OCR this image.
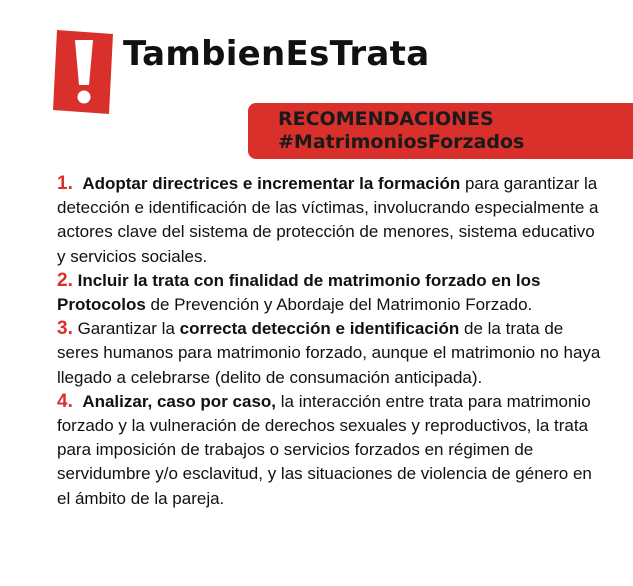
TambienEsTrata

RECOMENDACIONES

#MatrimoniosForzados

1. Adoptar directrices e incrementar la formación para garantizar la detección e identificación de las víctimas, involucrando especialmente a actores clave del sistema de protección de menores, sistema educativo y servicios sociales.
2. Incluir la trata con finalidad de matrimonio forzado en los Protocolos de Prevención y Abordaje del Matrimonio Forzado.
3. Garantizar la correcta detección e identificación de la trata de seres humanos para matrimonio forzado, aunque el matrimonio no haya llegado a celebrarse (delito de consumación anticipada).
4. Analizar, caso por caso, la interacción entre trata para matrimonio forzado y la vulneración de derechos sexuales y reproductivos, la trata para imposición de trabajos o servicios forzados en régimen de servidumbre y/o esclavitud, y las situaciones de violencia de género en el ámbito de la pareja.
